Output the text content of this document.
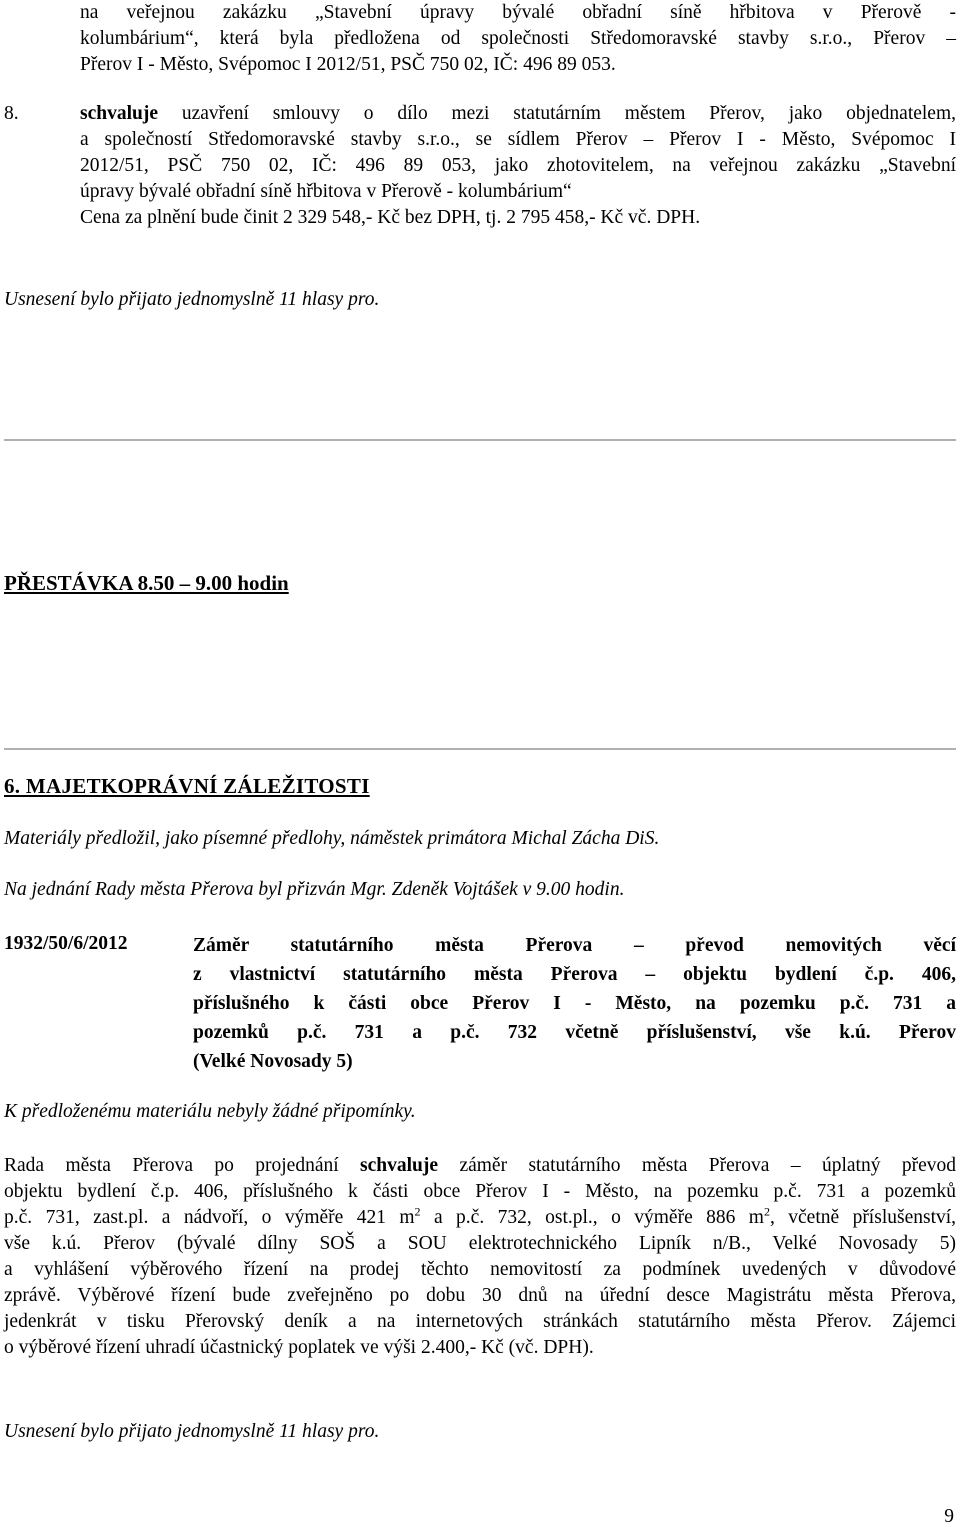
na veřejnou zakázku „Stavební úpravy bývalé obřadní síně hřbitova v Přerově -
kolumbárium“, která byla předložena od společnosti Středomoravské stavby s.r.o., Přerov –
Přerov I - Město, Svépomoc I 2012/51, PSČ 750 02, IČ: 496 89 053.
8.	schvaluje uzavření smlouvy o dílo mezi statutárním městem Přerov, jako objednatelem,
a společností Středomoravské stavby s.r.o., se sídlem Přerov – Přerov I - Město, Svépomoc I
2012/51, PSČ 750 02, IČ: 496 89 053, jako zhotovitelem, na veřejnou zakázku „Stavební
úpravy bývalé obřadní síně hřbitova v Přerově - kolumbárium“
Cena za plnění bude činit 2 329 548,- Kč bez DPH, tj. 2 795 458,- Kč vč. DPH.
Usnesení bylo přijato jednomyslně 11 hlasy pro.
PŘESTÁVKA 8.50 – 9.00 hodin
6. MAJETKOPRÁVNÍ ZÁLEŽITOSTI
Materiály předložil, jako písemné předlohy, náměstek primátora Michal Zácha DiS.
Na jednání Rady města Přerova byl přizván Mgr. Zdeněk Vojtášek v 9.00 hodin.
1932/50/6/2012	Záměr statutárního města Přerova – převod nemovitých věcí
z vlastnictví statutárního města Přerova – objektu bydlení č.p. 406,
příslušného k části obce Přerov I - Město, na pozemku p.č. 731 a
pozemků p.č. 731 a p.č. 732 včetně příslušenství, vše k.ú. Přerov
(Velké Novosady 5)
K předloženému materiálu nebyly žádné připomínky.
Rada města Přerova po projednání schvaluje záměr statutárního města Přerova – úplatný převod
objektu bydlení č.p. 406, příslušného k části obce Přerov I - Město, na pozemku p.č. 731 a pozemků
p.č. 731, zast.pl. a nádvoří, o výměře 421 $m^2$ a p.č. 732, ost.pl., o výměře 886 $m^2$, včetně příslušenství,
vše k.ú. Přerov (bývalé dílny SOŠ a SOU elektrotechnického Lipník n/B., Velké Novosady 5)
a vyhlášení výběrového řízení na prodej těchto nemovitostí za podmínek uvedených v důvodové
zprávě. Výběrové řízení bude zveřejněno po dobu 30 dnů na úřední desce Magistrátu města Přerova,
jedenkrát v tisku Přerovský deník a na internetových stránkách statutárního města Přerov. Zájemci
o výběrové řízení uhradí účastnický poplatek ve výši 2.400,- Kč (vč. DPH).
Usnesení bylo přijato jednomyslně 11 hlasy pro.
9
